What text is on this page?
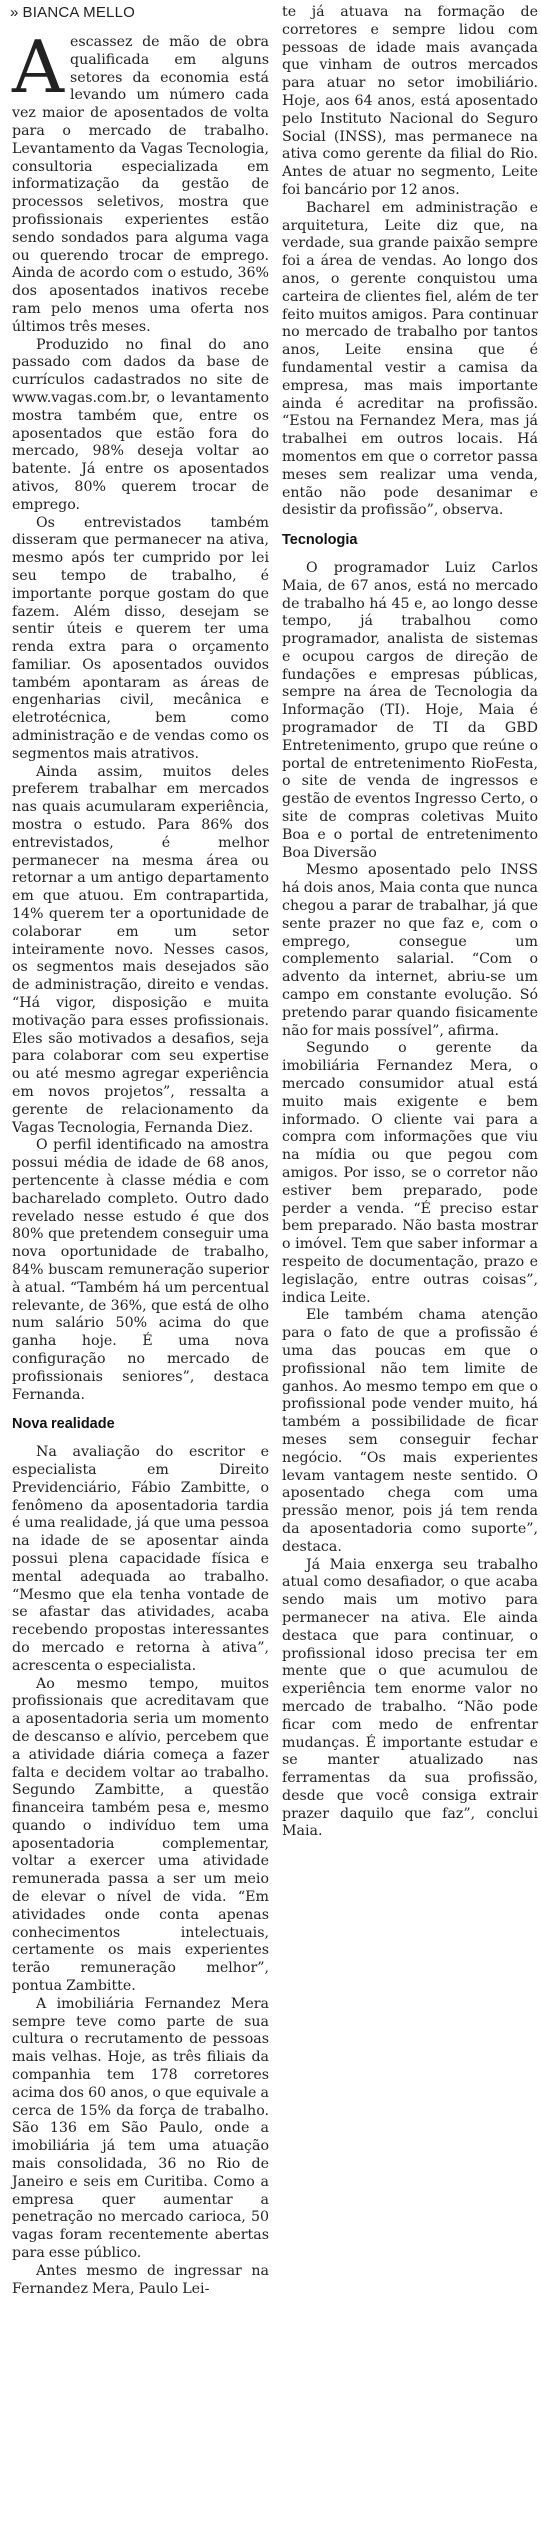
» BIANCA MELLO

Aescassez de mão de obra qualificada em alguns setores da economia está levando um número cada vez maior de aposentados de volta para o mercado de trabalho. Levantamento da Vagas Tecnologia, consultoria especializada em informatização da gestão de processos seletivos, mostra que profissionais experientes estão sendo sondados para alguma vaga ou querendo trocar de emprego. Ainda de acordo com o estudo, 36% dos aposentados inativos recebe ram pelo menos uma oferta nos últimos três meses.

Produzido no final do ano passado com dados da base de currículos cadastrados no site de www.vagas.com.br, o levantamento mostra também que, entre os aposentados que estão fora do mercado, 98% deseja voltar ao batente. Já entre os aposentados ativos, 80% querem trocar de emprego.

Os entrevistados também disseram que permanecer na ativa, mesmo após ter cumprido por lei seu tempo de trabalho, é importante porque gostam do que fazem. Além disso, desejam se sentir úteis e querem ter uma renda extra para o orçamento familiar. Os aposentados ouvidos também apontaram as áreas de engenharias civil, mecânica e eletrotécnica, bem como administração e de vendas como os segmentos mais atrativos.

Ainda assim, muitos deles preferem trabalhar em mercados nas quais acumularam experiência, mostra o estudo. Para 86% dos entrevistados, é melhor permanecer na mesma área ou retornar a um antigo departamento em que atuou. Em contrapartida, 14% querem ter a oportunidade de colaborar em um setor inteiramente novo. Nesses casos, os segmentos mais desejados são de administração, direito e vendas. “Há vigor, disposição e muita motivação para esses profissionais. Eles são motivados a desafios, seja para colaborar com seu expertise ou até mesmo agregar experiência em novos projetos”, ressalta a gerente de relacionamento da Vagas Tecnologia, Fernanda Diez.

O perfil identificado na amostra possui média de idade de 68 anos, pertencente à classe média e com bacharelado completo. Outro dado revelado nesse estudo é que dos 80% que pretendem conseguir uma nova oportunidade de trabalho, 84% buscam remuneração superior à atual. “Também há um percentual relevante, de 36%, que está de olho num salário 50% acima do que ganha hoje. É uma nova configuração no mercado de profissionais seniores”, destaca Fernanda.

Nova realidade

Na avaliação do escritor e especialista em Direito Previdenciário, Fábio Zambitte, o fenômeno da aposentadoria tardia é uma realidade, já que uma pessoa na idade de se aposentar ainda possui plena capacidade física e mental adequada ao trabalho. “Mesmo que ela tenha vontade de se afastar das atividades, acaba recebendo propostas interessantes do mercado e retorna à ativa”, acrescenta o especialista.

Ao mesmo tempo, muitos profissionais que acreditavam que a aposentadoria seria um momento de descanso e alívio, percebem que a atividade diária começa a fazer falta e decidem voltar ao trabalho. Segundo Zambitte, a questão financeira também pesa e, mesmo quando o indivíduo tem uma aposentadoria complementar, voltar a exercer uma atividade remunerada passa a ser um meio de elevar o nível de vida. “Em atividades onde conta apenas conhecimentos intelectuais, certamente os mais experientes terão remuneração melhor”, pontua Zambitte.

A imobiliária Fernandez Mera sempre teve como parte de sua cultura o recrutamento de pessoas mais velhas. Hoje, as três filiais da companhia tem 178 corretores acima dos 60 anos, o que equivale a cerca de 15% da força de trabalho. São 136 em São Paulo, onde a imobiliária já tem uma atuação mais consolidada, 36 no Rio de Janeiro e seis em Curitiba. Como a empresa quer aumentar a penetração no mercado carioca, 50 vagas foram recentemente abertas para esse público.

Antes mesmo de ingressar na Fernandez Mera, Paulo Lei-

te já atuava na formação de corretores e sempre lidou com pessoas de idade mais avançada que vinham de outros mercados para atuar no setor imobiliário. Hoje, aos 64 anos, está aposentado pelo Instituto Nacional do Seguro Social (INSS), mas permanece na ativa como gerente da filial do Rio. Antes de atuar no segmento, Leite foi bancário por 12 anos.

Bacharel em administração e arquitetura, Leite diz que, na verdade, sua grande paixão sempre foi a área de vendas. Ao longo dos anos, o gerente conquistou uma carteira de clientes fiel, além de ter feito muitos amigos. Para continuar no mercado de trabalho por tantos anos, Leite ensina que é fundamental vestir a camisa da empresa, mas mais importante ainda é acreditar na profissão. “Estou na Fernandez Mera, mas já trabalhei em outros locais. Há momentos em que o corretor passa meses sem realizar uma venda, então não pode desanimar e desistir da profissão”, observa.

Tecnologia

O programador Luiz Carlos Maia, de 67 anos, está no mercado de trabalho há 45 e, ao longo desse tempo, já trabalhou como programador, analista de sistemas e ocupou cargos de direção de fundações e empresas públicas, sempre na área de Tecnologia da Informação (TI). Hoje, Maia é programador de TI da GBD Entretenimento, grupo que reúne o portal de entretenimento RioFesta, o site de venda de ingressos e gestão de eventos Ingresso Certo, o site de compras coletivas Muito Boa e o portal de entretenimento Boa Diversão

Mesmo aposentado pelo INSS há dois anos, Maia conta que nunca chegou a parar de trabalhar, já que sente prazer no que faz e, com o emprego, consegue um complemento salarial. “Com o advento da internet, abriu-se um campo em constante evolução. Só pretendo parar quando fisicamente não for mais possível”, afirma.

Segundo o gerente da imobiliária Fernandez Mera, o mercado consumidor atual está muito mais exigente e bem informado. O cliente vai para a compra com informações que viu na mídia ou que pegou com amigos. Por isso, se o corretor não estiver bem preparado, pode perder a venda. “É preciso estar bem preparado. Não basta mostrar o imóvel. Tem que saber informar a respeito de documentação, prazo e legislação, entre outras coisas”, indica Leite.

Ele também chama atenção para o fato de que a profissão é uma das poucas em que o profissional não tem limite de ganhos. Ao mesmo tempo em que o profissional pode vender muito, há também a possibilidade de ficar meses sem conseguir fechar negócio. “Os mais experientes levam vantagem neste sentido. O aposentado chega com uma pressão menor, pois já tem renda da aposentadoria como suporte”, destaca.

Já Maia enxerga seu trabalho atual como desafiador, o que acaba sendo mais um motivo para permanecer na ativa. Ele ainda destaca que para continuar, o profissional idoso precisa ter em mente que o que acumulou de experiência tem enorme valor no mercado de trabalho. “Não pode ficar com medo de enfrentar mudanças. É importante estudar e se manter atualizado nas ferramentas da sua profissão, desde que você consiga extrair prazer daquilo que faz”, conclui Maia.
